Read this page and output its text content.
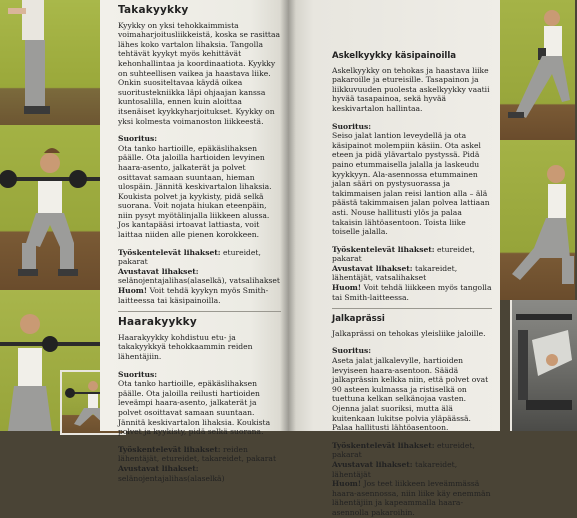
Takakyykky

Kyykky on yksi tehokkaimmista voimaharjoitusliikkeistä, koska se rasittaa lähes koko vartalon lihaksia. Tangolla tehtävät kyykyt myös kehittävät kehonhallintaa ja koordinaatiota. Kyykky on suhteellisen vaikea ja haastava liike. Onkin suositeltavaa käydä oikea suoritustekniikka läpi ohjaajan kanssa kuntosalilla, ennen kuin aloittaa itsenäiset kyykkyharjoitukset. Kyykky on yksi kolmesta voimanoston liikkeestä.

Suoritus:

Ota tanko hartioille, epäkäslihaksen päälle. Ota jaloilla hartioiden levyinen haara-asento, jalkaterät ja polvet osittavat samaan suuntaan, hieman ulospäin. Jännitä keskivartalon lihaksia. Koukista polvet ja kyykisty, pidä selkä suorana. Voit nojata hiukan eteenpäin, niin pysyt myötälinjalla liikkeen alussa. Jos kantapääsi irtoavat lattiasta, voit laittaa niiden alle pienen korokkeen.

Työskentelevät lihakset: etureidet, pakarat

Avustavat lihakset: selänojentajalihas(alaselkä), vatsalihakset

Huom! Voit tehdä kyykyn myös Smith-laitteessa tai käsipainoilla.

Haarakyykky

Haarakyykky kohdistuu etu- ja takakyykkyä tehokkaammin reiden lähentäjiin.

Suoritus:

Ota tanko hartioille, epäkäslihaksen päälle. Ota jaloilla reilusti hartioiden leveämpi haara-asento, jalkaterät ja polvet osoittavat samaan suuntaan. Jännitä keskivartalon lihaksia. Koukista polvet ja kyykisty, pidä selkä suorana.

Työskentelevät lihakset: reiden lähentäjät, etureidet, takareidet, pakarat

Avustavat lihakset: selänojentajalihas(alaselkä)

Askelkyykky käsipainoilla

Askelkyykky on tehokas ja haastava liike pakaroille ja etureisille. Tasapainon ja liikkuvuuden puolesta askelkyykky vaatii hyvää tasapainoa, sekä hyvää keskivartalon hallintaa.

Suoritus:

Seiso jalat lantion leveydellä ja ota käsipainot molempiin käsiin. Ota askel eteen ja pidä ylävartalo pystyssä. Pidä paino etummaisella jalalla ja laskeudu kyykkyyn. Ala-asennossa etummainen jalan sääri on pystysuorassa ja takimmaisen jalan reisi lantion alla – älä päästä takimmaisen jalan polvea lattiaan asti. Nouse hallitusti ylös ja palaa takaisin lähtöasentoon. Toista liike toiselle jalalla.

Työskentelevät lihakset: etureidet, pakarat

Avustavat lihakset: takareidet, lähentäjät, vatsalihakset

Huom! Voit tehdä liikkeen myös tangolla tai Smith-laitteessa.

Jalkaprässi

Jalkaprässi on tehokas yleisliike jaloille.

Suoritus:

Aseta jalat jalkalevylle, hartioiden levyiseen haara-asentoon. Säädä jalkaprässin kelkka niin, että polvet ovat 90 asteen kulmassa ja ristiselkä on tuettuna kelkan selkänojaa vasten. Ojenna jalat suoriksi, mutta älä kuitenkaan lukitse polvia yläpäässä. Palaa hallitusti lähtöasentoon.

Työskentelevät lihakset: etureidet, pakarat

Avustavat lihakset: takareidet, lähentäjät

Huom! Jos teet liikkeen leveämmässä haara-asennossa, niin liike käy enemmän lähentäjiin ja kapeammalla haara-asennolla pakaroihin.
